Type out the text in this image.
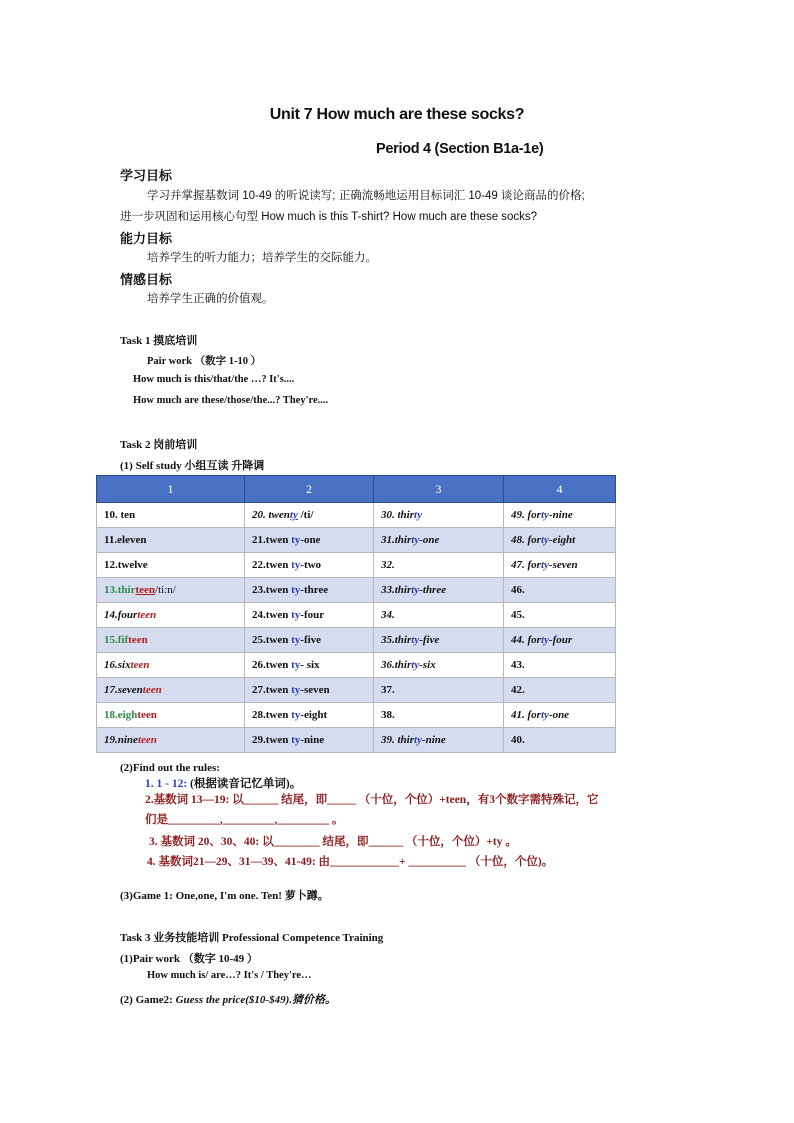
Unit 7 How much are these socks?
Period 4 (Section B1a-1e)
学习目标
学习并掌握基数词 10-49 的听说读写; 正确流畅地运用目标词汇 10-49 谈论商品的价格;
进一步巩固和运用核心句型 How much is this T-shirt? How much are these socks?
能力目标
培养学生的听力能力；培养学生的交际能力。
情感目标
培养学生正确的价值观。
Task 1 摸底培训
Pair work （数字 1-10 ）
How much is this/that/the …? It's....
How much are these/those/the...? They're....
Task 2 岗前培训
(1) Self study 小组互读 升降调
1	2	3	4
10. ten	20. twenty /ti/	30. thirty	49. forty-nine
11.eleven	21.twen ty-one	31.thirty-one	48. forty-eight
12.twelve	22.twen ty-two	32.	47. forty-seven
13.thirteen/ti:n/	23.twen ty-three	33.thirty-three	46.
14.fourteen	24.twen ty-four	34.	45.
15.fifteen	25.twen ty-five	35.thirty-five	44. forty-four
16.sixteen	26.twen ty- six	36.thirty-six	43.
17.seventeen	27.twen ty-seven	37.	42.
18.eighteen	28.twen ty-eight	38.	41. forty-one
19.nineteen	29.twen ty-nine	39. thirty-nine	40.
(2)Find out the rules:
1. 1 - 12: (根据读音记忆单词)。
2.基数词 13—19: 以______ 结尾，即_____ （十位，个位）+teen，有3个数字需特殊记，它
们是_________,_________,_________ 。
3. 基数词 20、30、40: 以________ 结尾，即______ （十位，个位）+ty 。
4. 基数词21—29、31—39、41-49: 由____________+ __________ （十位，个位)。
(3)Game 1: One,one, I'm one. Ten! 萝卜蹲。
Task 3 业务技能培训 Professional Competence Training
(1)Pair work （数字 10-49 ）
How much is/ are…? It's / They're…
(2) Game2: Guess the price($10-$49).猜价格。
